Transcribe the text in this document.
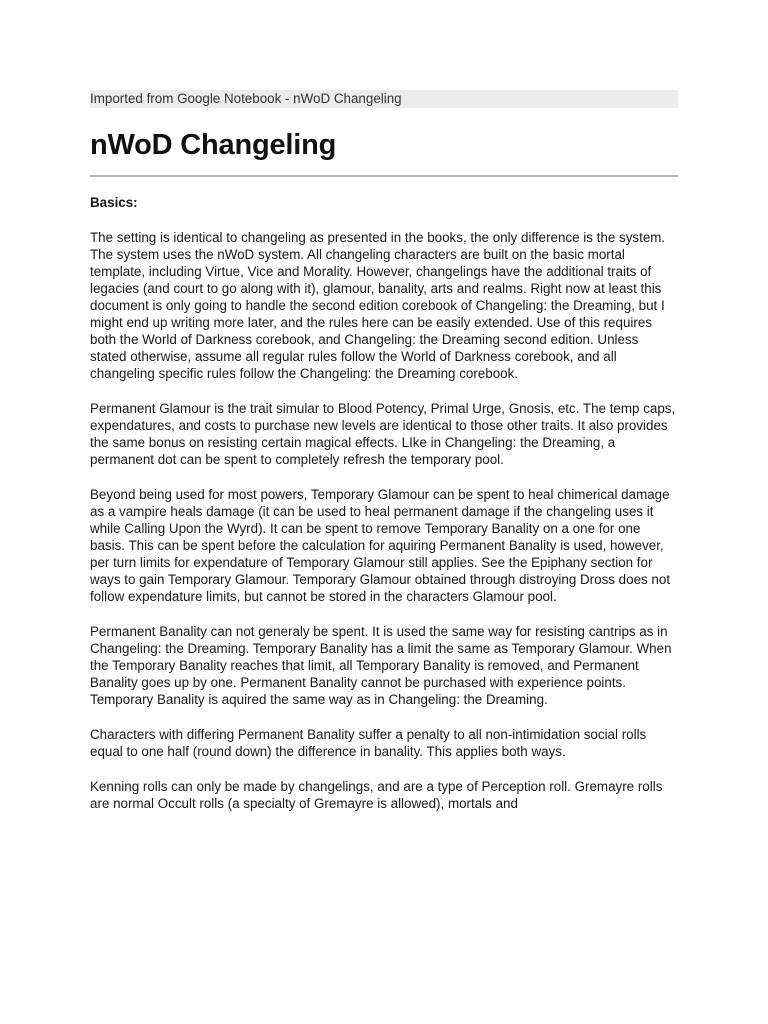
Imported from Google Notebook - nWoD Changeling
nWoD Changeling
Basics:

The setting is identical to changeling as presented in the books, the only difference is the system. The system uses the nWoD system. All changeling characters are built on the basic mortal template, including Virtue, Vice and Morality. However, changelings have the additional traits of legacies (and court to go along with it), glamour, banality, arts and realms. Right now at least this document is only going to handle the second edition corebook of Changeling: the Dreaming, but I might end up writing more later, and the rules here can be easily extended. Use of this requires both the World of Darkness corebook, and Changeling: the Dreaming second edition. Unless stated otherwise, assume all regular rules follow the World of Darkness corebook, and all changeling specific rules follow the Changeling: the Dreaming corebook.

Permanent Glamour is the trait simular to Blood Potency, Primal Urge, Gnosis, etc. The temp caps, expendatures, and costs to purchase new levels are identical to those other traits. It also provides the same bonus on resisting certain magical effects. LIke in Changeling: the Dreaming, a permanent dot can be spent to completely refresh the temporary pool.

Beyond being used for most powers, Temporary Glamour can be spent to heal chimerical damage as a vampire heals damage (it can be used to heal permanent damage if the changeling uses it while Calling Upon the Wyrd). It can be spent to remove Temporary Banality on a one for one basis. This can be spent before the calculation for aquiring Permanent Banality is used, however, per turn limits for expendature of Temporary Glamour still applies. See the Epiphany section for ways to gain Temporary Glamour. Temporary Glamour obtained through distroying Dross does not follow expendature limits, but cannot be stored in the characters Glamour pool.

Permanent Banality can not generaly be spent. It is used the same way for resisting cantrips as in Changeling: the Dreaming. Temporary Banality has a limit the same as Temporary Glamour. When the Temporary Banality reaches that limit, all Temporary Banality is removed, and Permanent Banality goes up by one. Permanent Banality cannot be purchased with experience points. Temporary Banality is aquired the same way as in Changeling: the Dreaming.

Characters with differing Permanent Banality suffer a penalty to all non-intimidation social rolls equal to one half (round down) the difference in banality. This applies both ways.

Kenning rolls can only be made by changelings, and are a type of Perception roll. Gremayre rolls are normal Occult rolls (a specialty of Gremayre is allowed), mortals and
